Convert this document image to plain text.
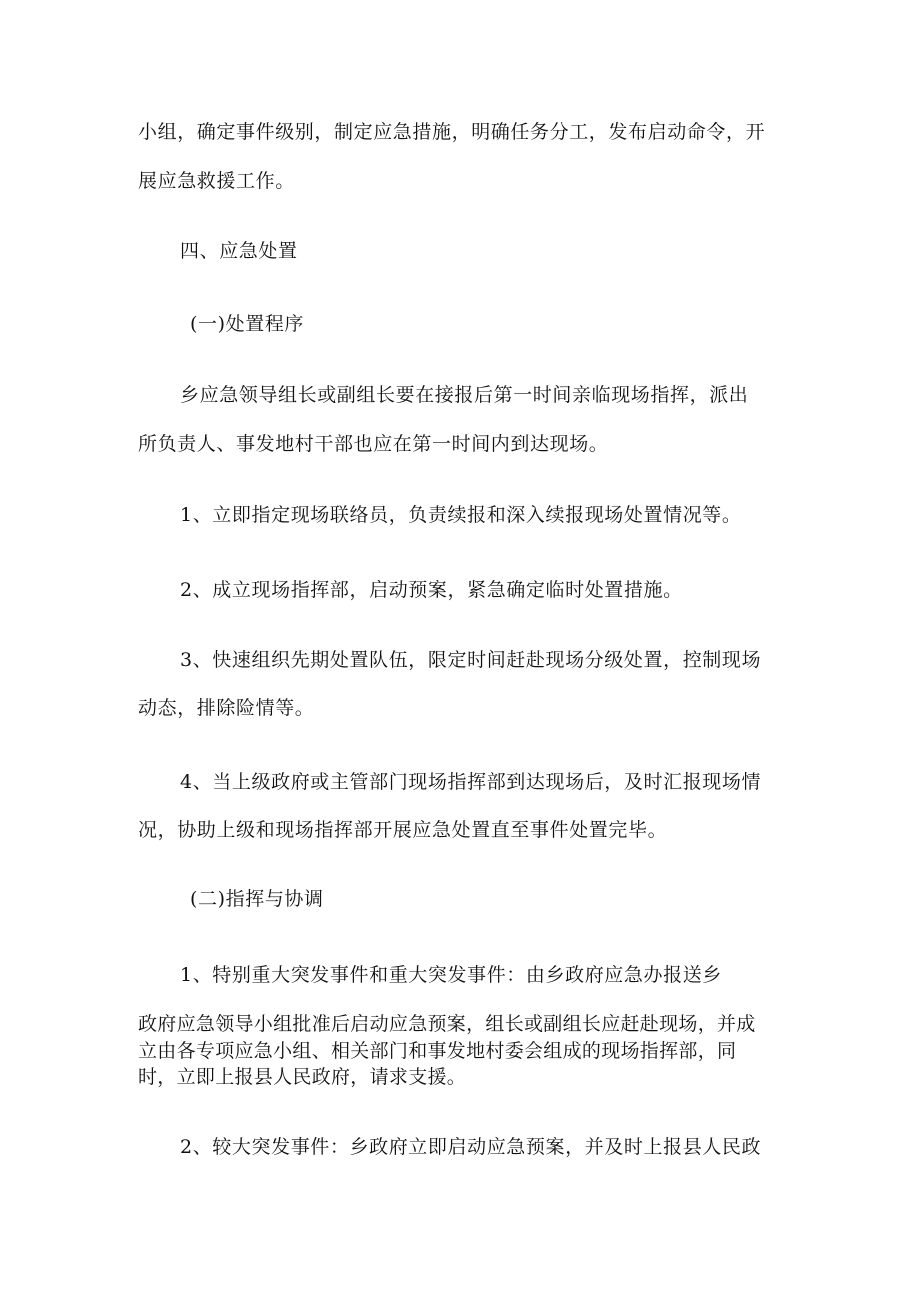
小组，确定事件级别，制定应急措施，明确任务分工，发布启动命令，开
展应急救援工作。
四、应急处置
(一)处置程序
乡应急领导组长或副组长要在接报后第一时间亲临现场指挥，派出
所负责人、事发地村干部也应在第一时间内到达现场。
1、立即指定现场联络员，负责续报和深入续报现场处置情况等。
2、成立现场指挥部，启动预案，紧急确定临时处置措施。
3、快速组织先期处置队伍，限定时间赶赴现场分级处置，控制现场
动态，排除险情等。
4、当上级政府或主管部门现场指挥部到达现场后，及时汇报现场情
况，协助上级和现场指挥部开展应急处置直至事件处置完毕。
(二)指挥与协调
1、特别重大突发事件和重大突发事件：由乡政府应急办报送乡
政府应急领导小组批准后启动应急预案，组长或副组长应赶赴现场，并成
立由各专项应急小组、相关部门和事发地村委会组成的现场指挥部，同
时，立即上报县人民政府，请求支援。
2、较大突发事件：乡政府立即启动应急预案，并及时上报县人民政
